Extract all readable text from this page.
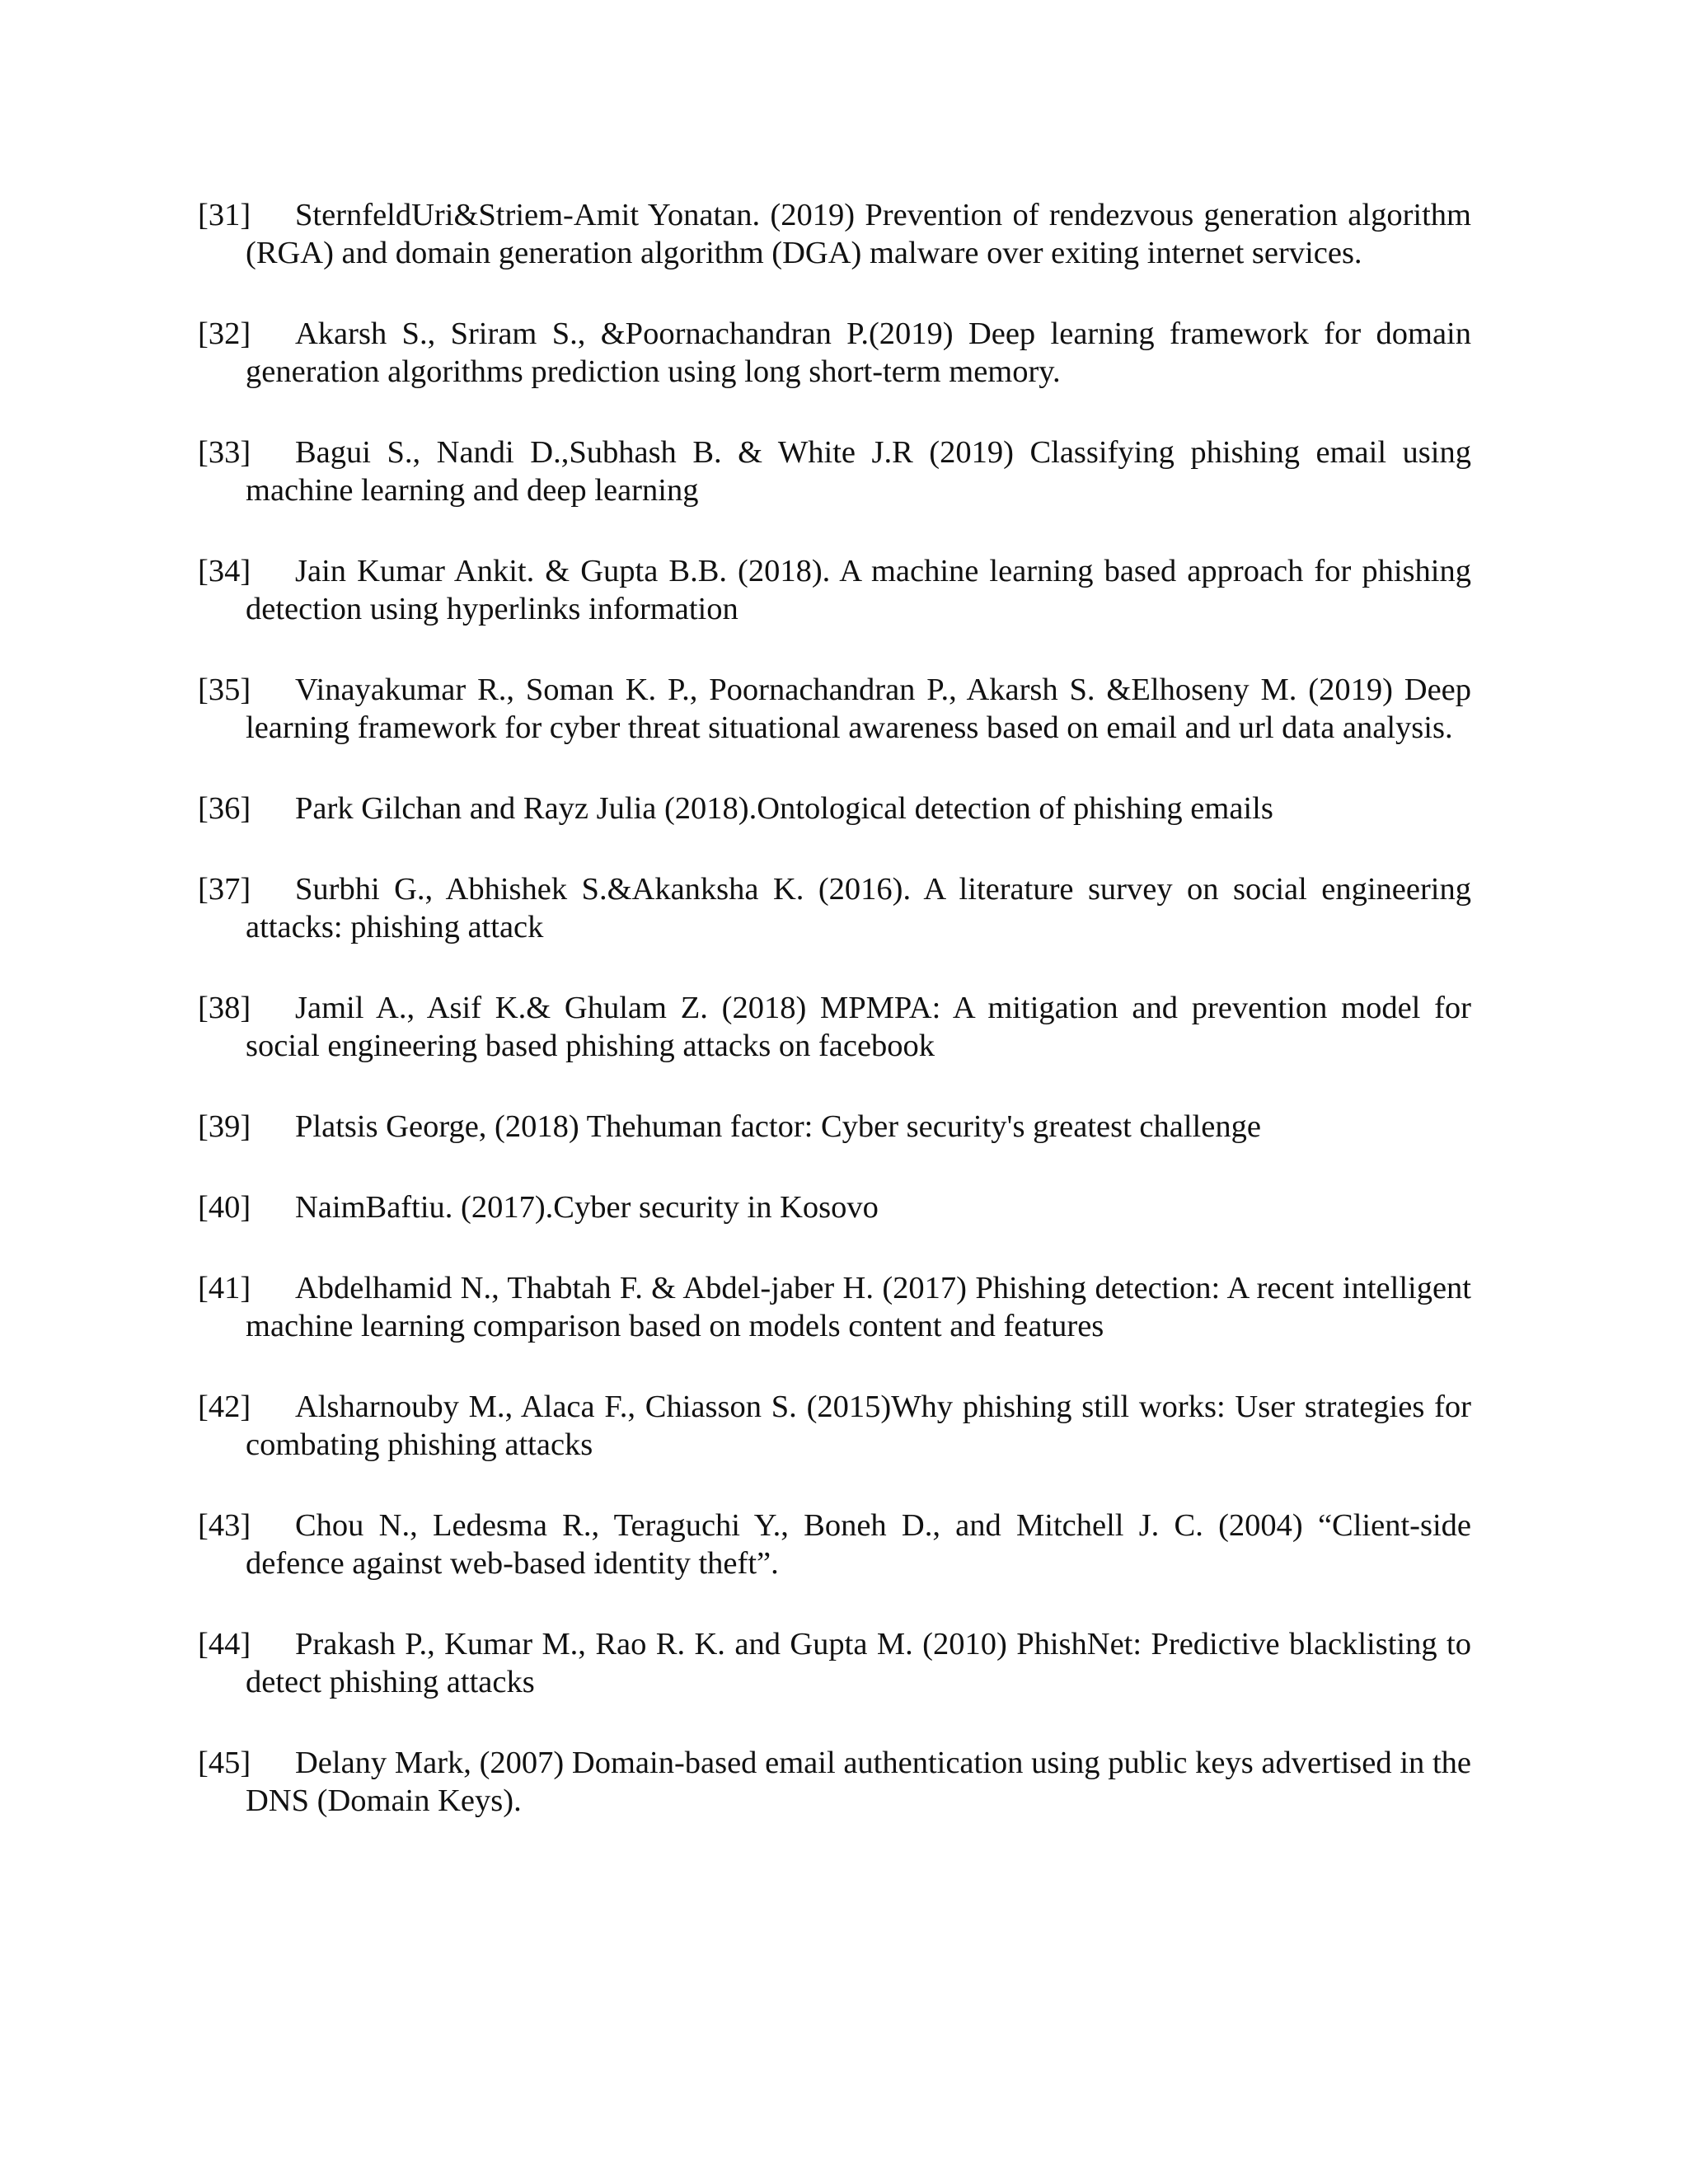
[31]	SternfeldUri&Striem-Amit Yonatan. (2019) Prevention of rendezvous generation algorithm (RGA) and domain generation algorithm (DGA) malware over exiting internet services.
[32]	Akarsh S., Sriram S., &Poornachandran P.(2019) Deep learning framework for domain generation algorithms prediction using long short-term memory.
[33]	Bagui S., Nandi D.,Subhash B. & White J.R (2019) Classifying phishing email using machine learning and deep learning
[34]	Jain Kumar Ankit. & Gupta B.B. (2018). A machine learning based approach for phishing detection using hyperlinks information
[35]	Vinayakumar R., Soman K. P., Poornachandran P., Akarsh S. &Elhoseny M. (2019) Deep learning framework for cyber threat situational awareness based on email and url data analysis.
[36]	Park Gilchan and Rayz Julia (2018).Ontological detection of phishing emails
[37]	Surbhi G., Abhishek S.&Akanksha K. (2016). A literature survey on social engineering attacks: phishing attack
[38]	Jamil A., Asif K.& Ghulam Z. (2018) MPMPA: A mitigation and prevention model for social engineering based phishing attacks on facebook
[39]	Platsis George, (2018) Thehuman factor: Cyber security's greatest challenge
[40]	NaimBaftiu. (2017).Cyber security in Kosovo
[41]	Abdelhamid N., Thabtah F. & Abdel-jaber H. (2017) Phishing detection: A recent intelligent machine learning comparison based on models content and features
[42]	Alsharnouby M., Alaca F., Chiasson S. (2015)Why phishing still works: User strategies for combating phishing attacks
[43]	Chou N., Ledesma R., Teraguchi Y., Boneh D., and Mitchell J. C. (2004) “Client-side defence against web-based identity theft”.
[44]	Prakash P., Kumar M., Rao R. K. and Gupta M. (2010) PhishNet: Predictive blacklisting to detect phishing attacks
[45]	Delany Mark, (2007) Domain-based email authentication using public keys advertised in the DNS (Domain Keys).
